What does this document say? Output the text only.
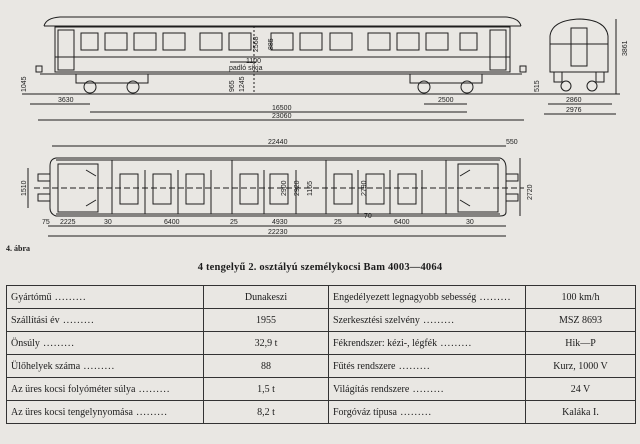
3861
2568 885
padló síkja
1100
965 1245
1045
3630	2500
16500
23060
515
2860
2976
22440	550
1510	2720
2900 2920 1165	2790
2225	30	6400	25	4930	25	6400	30
75
70
22230
4. ábra
4 tengelyű 2. osztályú személykocsi Bam 4003—4064
Gyártómű .........	Dunakeszi	Engedélyezett legnagyobb sebesség .........	100 km/h
Szállítási év .........	1955	Szerkesztési szelvény .........	MSZ 8693
Önsúly .........	32,9 t	Fékrendszer: kézi-, légfék .........	Hik—P
Ülőhelyek száma .........	88	Fűtés rendszere .........	Kurz, 1000 V
Az üres kocsi folyóméter súlya .........	1,5 t	Világítás rendszere .........	24 V
Az üres kocsi tengelynyomása .........	8,2 t	Forgóváz típusa .........	Kaláka I.
